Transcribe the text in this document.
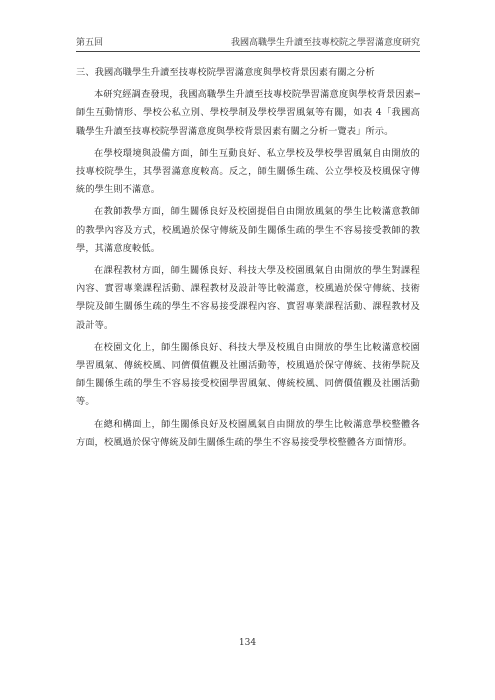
第五回	我國高職學生升讀至技專校院之學習滿意度研究
三、我國高職學生升讀至技專校院學習滿意度與學校背景因素有關之分析

本研究經調查發現，我國高職學生升讀至技專校院學習滿意度與學校背景因素─師生互動情形、學校公私立別、學校學制及學校學習風氣等有關，如表 4「我國高職學生升讀至技專校院學習滿意度與學校背景因素有關之分析一覽表」所示。

在學校環境與設備方面，師生互動良好、私立學校及學校學習風氣自由開放的技專校院學生，其學習滿意度較高。反之，師生關係生疏、公立學校及校風保守傳統的學生則不滿意。

在教師教學方面，師生關係良好及校園提倡自由開放風氣的學生比較滿意教師的教學內容及方式，校風過於保守傳統及師生關係生疏的學生不容易接受教師的教學，其滿意度較低。

在課程教材方面，師生關係良好、科技大學及校園風氣自由開放的學生對課程內容、實習專業課程活動、課程教材及設計等比較滿意，校風過於保守傳統、技術學院及師生關係生疏的學生不容易接受課程內容、實習專業課程活動、課程教材及設計等。

在校園文化上，師生關係良好、科技大學及校風自由開放的學生比較滿意校園學習風氣、傳統校風、同儕價值觀及社團活動等，校風過於保守傳統、技術學院及師生關係生疏的學生不容易接受校園學習風氣、傳統校風、同儕價值觀及社團活動等。

在總和構面上，師生關係良好及校園風氣自由開放的學生比較滿意學校整體各方面，校風過於保守傳統及師生關係生疏的學生不容易接受學校整體各方面情形。

134
